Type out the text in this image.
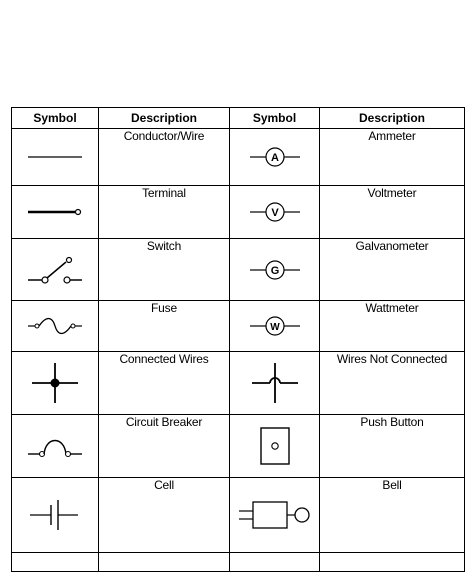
Symbol	Description	Symbol	Description

	Conductor/Wire	A	Ammeter

	Terminal	V	Voltmeter

	Switch	G	Galvanometer

	Fuse	W	Wattmeter

	Connected Wires		Wires Not Connected

	Circuit Breaker		Push Button

	Cell		Bell
